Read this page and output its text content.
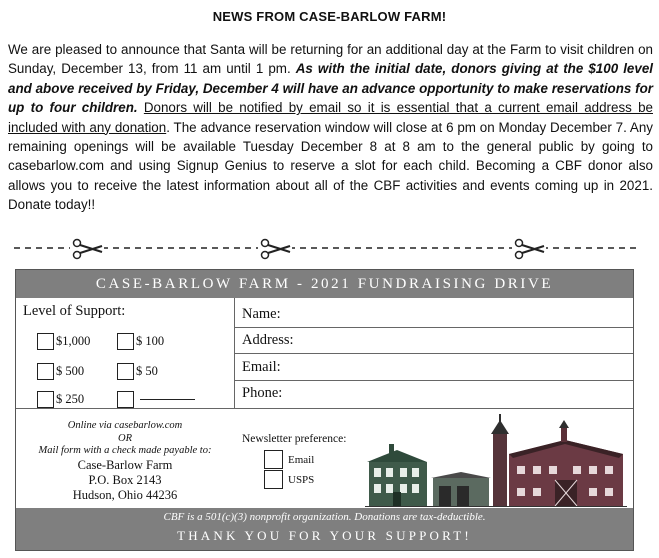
NEWS FROM CASE-BARLOW FARM!

We are pleased to announce that Santa will be returning for an additional day at the Farm to visit children on Sunday, December 13, from 11 am until 1 pm. As with the initial date, donors giving at the $100 level and above received by Friday, December 4 will have an advance opportunity to make reservations for up to four children. Donors will be notified by email so it is essential that a current email address be included with any donation. The advance reservation window will close at 6 pm on Monday December 7. Any remaining openings will be available Tuesday December 8 at 8 am to the general public by going to casebarlow.com and using Signup Genius to reserve a slot for each child. Becoming a CBF donor also allows you to receive the latest information about all of the CBF activities and events coming up in 2021. Donate today!!

CASE-BARLOW FARM - 2021 FUNDRAISING DRIVE
Level of Support:
$1,000	$ 100
$ 500	$ 50
$ 250
Name:
Address:
Email:
Phone:
Online via casebarlow.com
OR
Mail form with a check made payable to:
Case-Barlow Farm
P.O. Box 2143
Hudson, Ohio 44236
Newsletter preference:
Email
USPS
CBF is a 501(c)(3) nonprofit organization. Donations are tax-deductible.
THANK YOU FOR YOUR SUPPORT!
